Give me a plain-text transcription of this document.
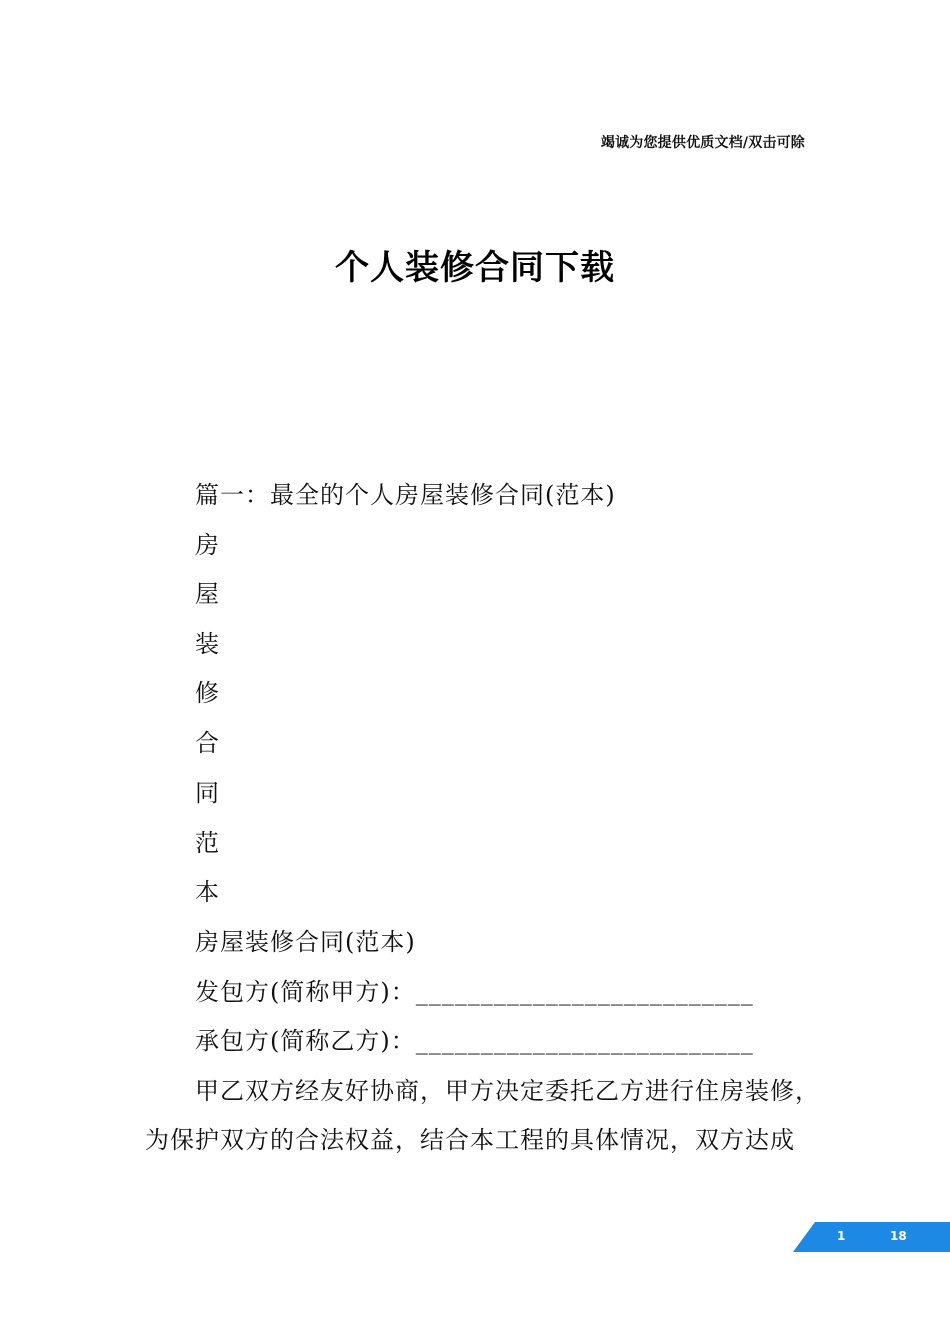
竭诚为您提供优质文档/双击可除
个人装修合同下载
篇一：最全的个人房屋装修合同(范本)
房
屋
装
修
合
同
范
本
房屋装修合同(范本)
发包方(简称甲方)：__________________________
承包方(简称乙方)：__________________________
甲乙双方经友好协商，甲方决定委托乙方进行住房装修，
为保护双方的合法权益，结合本工程的具体情况，双方达成
1	18
